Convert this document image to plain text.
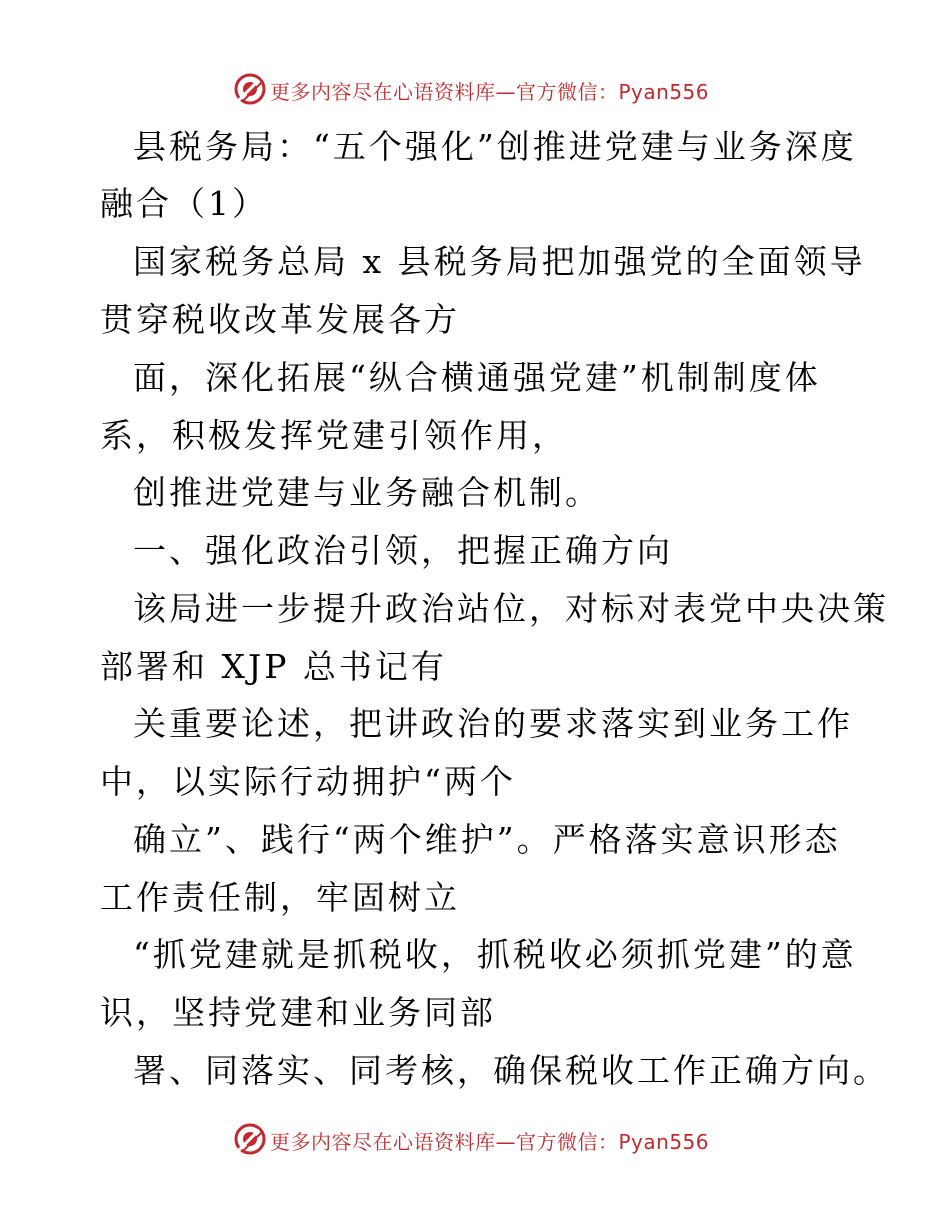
更多内容尽在心语资料库—官方微信：Pyan556
县税务局：“五个强化”创推进党建与业务深度
融合（1）
国家税务总局 x 县税务局把加强党的全面领导
贯穿税收改革发展各方
面，深化拓展“纵合横通强党建”机制制度体
系，积极发挥党建引领作用，
创推进党建与业务融合机制。
一、强化政治引领，把握正确方向
该局进一步提升政治站位，对标对表党中央决策
部署和 XJP 总书记有
关重要论述，把讲政治的要求落实到业务工作
中，以实际行动拥护“两个
确立”、践行“两个维护”。严格落实意识形态
工作责任制，牢固树立
“抓党建就是抓税收，抓税收必须抓党建”的意
识，坚持党建和业务同部
署、同落实、同考核，确保税收工作正确方向。
更多内容尽在心语资料库—官方微信：Pyan556
